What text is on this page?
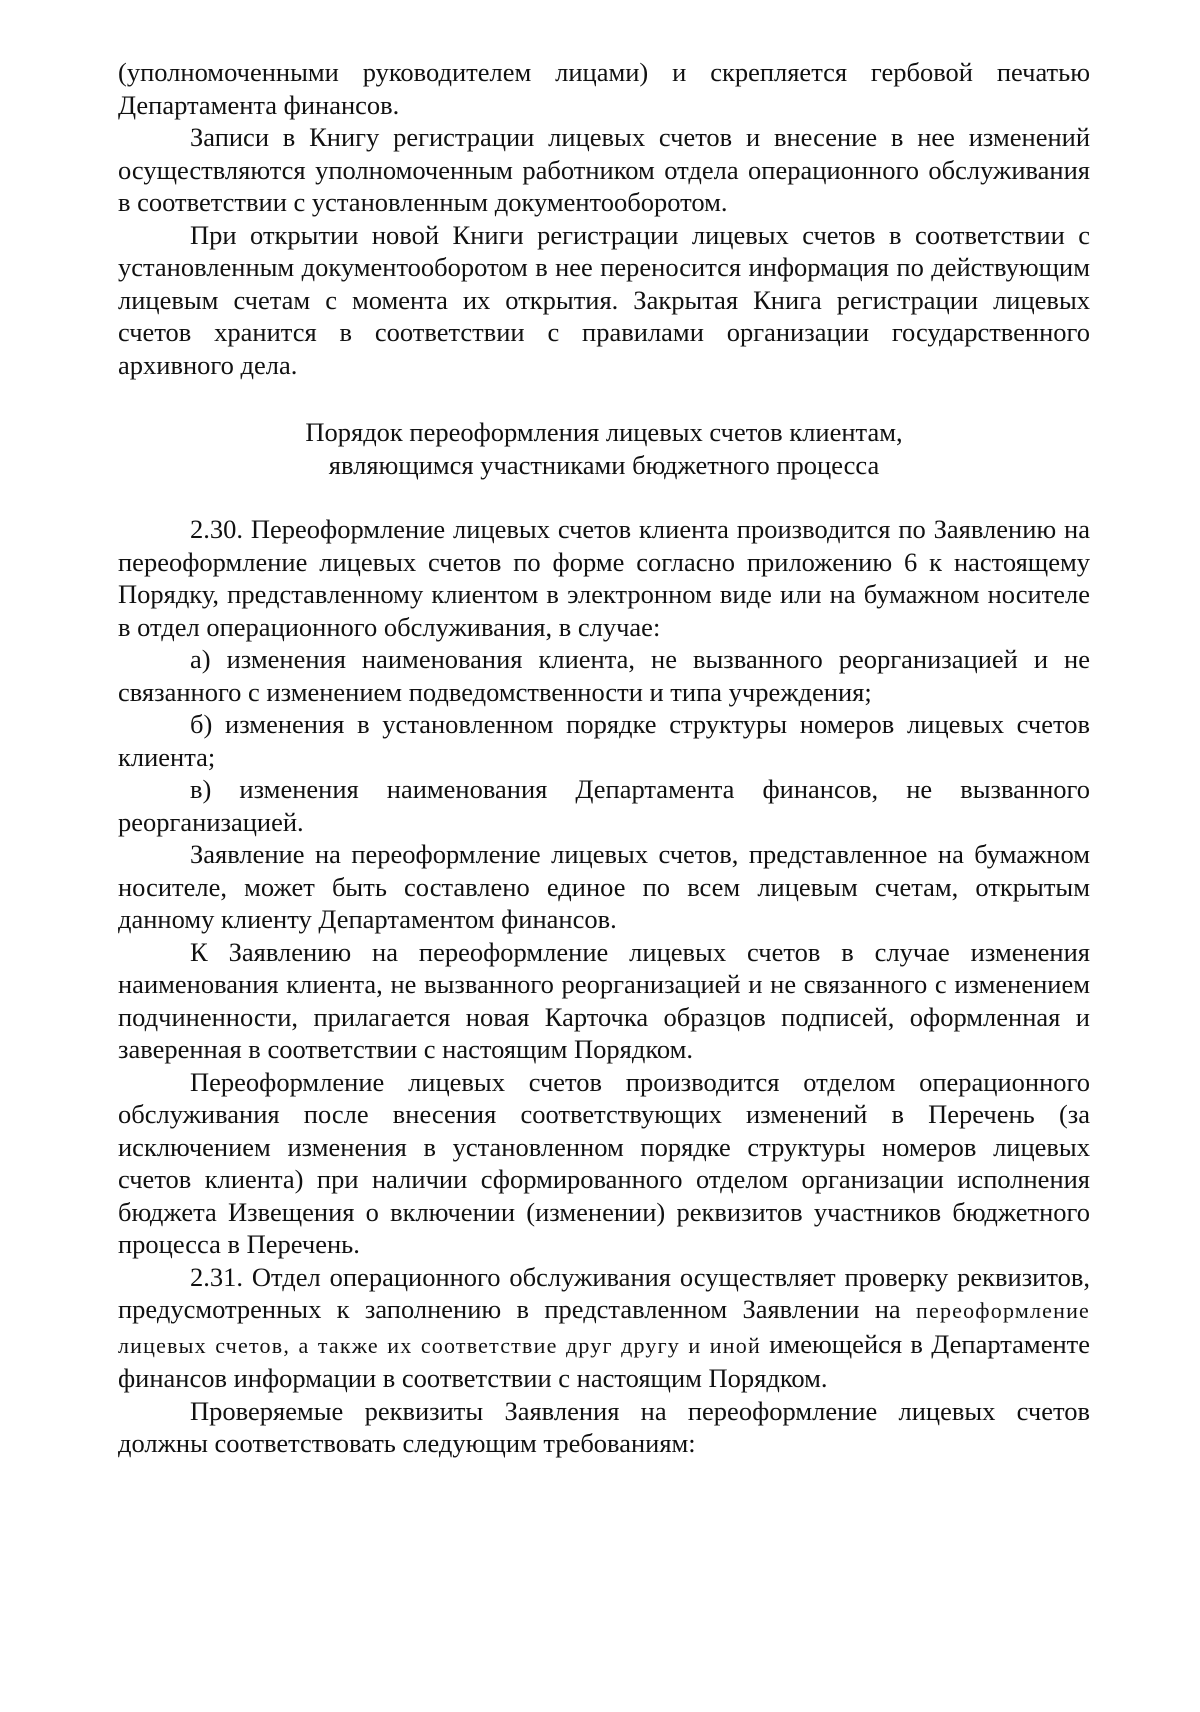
(уполномоченными руководителем лицами) и скрепляется гербовой печатью Департамента финансов.

Записи в Книгу регистрации лицевых счетов и внесение в нее изменений осуществляются уполномоченным работником отдела операционного обслуживания в соответствии с установленным документооборотом.

При открытии новой Книги регистрации лицевых счетов в соответствии с установленным документооборотом в нее переносится информация по действующим лицевым счетам с момента их открытия. Закрытая Книга регистрации лицевых счетов хранится в соответствии с правилами организации государственного архивного дела.

Порядок переоформления лицевых счетов клиентам,
являющимся участниками бюджетного процесса

2.30. Переоформление лицевых счетов клиента производится по Заявлению на переоформление лицевых счетов по форме согласно приложению 6 к настоящему Порядку, представленному клиентом в электронном виде или на бумажном носителе в отдел операционного обслуживания, в случае:

а) изменения наименования клиента, не вызванного реорганизацией и не связанного с изменением подведомственности и типа учреждения;

б) изменения в установленном порядке структуры номеров лицевых счетов клиента;

в) изменения наименования Департамента финансов, не вызванного реорганизацией.

Заявление на переоформление лицевых счетов, представленное на бумажном носителе, может быть составлено единое по всем лицевым счетам, открытым данному клиенту Департаментом финансов.

К Заявлению на переоформление лицевых счетов в случае изменения наименования клиента, не вызванного реорганизацией и не связанного с изменением подчиненности, прилагается новая Карточка образцов подписей, оформленная и заверенная в соответствии с настоящим Порядком.

Переоформление лицевых счетов производится отделом операционного обслуживания после внесения соответствующих изменений в Перечень (за исключением изменения в установленном порядке структуры номеров лицевых счетов клиента) при наличии сформированного отделом организации исполнения бюджета Извещения о включении (изменении) реквизитов участников бюджетного процесса в Перечень.

2.31. Отдел операционного обслуживания осуществляет проверку реквизитов, предусмотренных к заполнению в представленном Заявлении на переоформление лицевых счетов, а также их соответствие друг другу и иной имеющейся в Департаменте финансов информации в соответствии с настоящим Порядком.

Проверяемые реквизиты Заявления на переоформление лицевых счетов должны соответствовать следующим требованиям:
